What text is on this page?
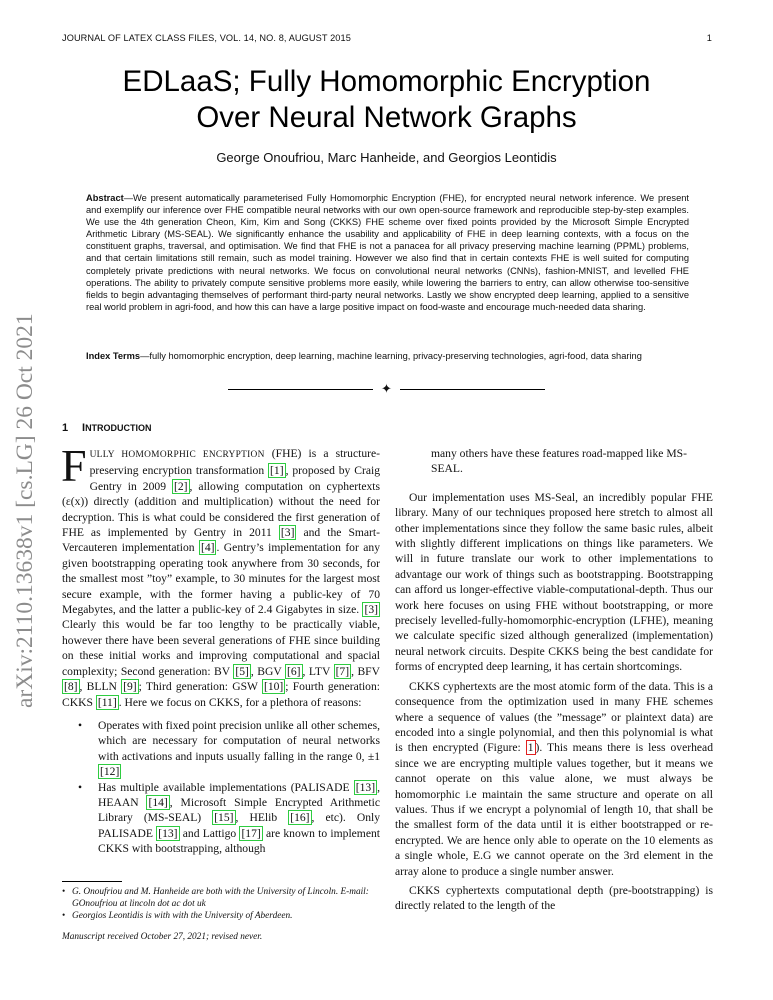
JOURNAL OF LATEX CLASS FILES, VOL. 14, NO. 8, AUGUST 2015	1
arXiv:2110.13638v1 [cs.LG] 26 Oct 2021
EDLaaS; Fully Homomorphic Encryption
Over Neural Network Graphs
George Onoufriou, Marc Hanheide, and Georgios Leontidis
Abstract—We present automatically parameterised Fully Homomorphic Encryption (FHE), for encrypted neural network inference. We present and exemplify our inference over FHE compatible neural networks with our own open-source framework and reproducible step-by-step examples. We use the 4th generation Cheon, Kim, Kim and Song (CKKS) FHE scheme over fixed points provided by the Microsoft Simple Encrypted Arithmetic Library (MS-SEAL). We significantly enhance the usability and applicability of FHE in deep learning contexts, with a focus on the constituent graphs, traversal, and optimisation. We find that FHE is not a panacea for all privacy preserving machine learning (PPML) problems, and that certain limitations still remain, such as model training. However we also find that in certain contexts FHE is well suited for computing completely private predictions with neural networks. We focus on convolutional neural networks (CNNs), fashion-MNIST, and levelled FHE operations. The ability to privately compute sensitive problems more easily, while lowering the barriers to entry, can allow otherwise too-sensitive fields to begin advantaging themselves of performant third-party neural networks. Lastly we show encrypted deep learning, applied to a sensitive real world problem in agri-food, and how this can have a large positive impact on food-waste and encourage much-needed data sharing.
Index Terms—fully homomorphic encryption, deep learning, machine learning, privacy-preserving technologies, agri-food, data sharing
✦
1 INTRODUCTION
FULLY HOMOMORPHIC ENCRYPTION (FHE) is a structure-preserving encryption transformation [1] , proposed by Craig Gentry in 2009 [2] , allowing computation on cyphertexts (ε(x)) directly (addition and multiplication) without the need for decryption. This is what could be considered the first generation of FHE as implemented by Gentry in 2011 [3] and the Smart-Vercauteren implementation [4] . Gentry’s implementation for any given bootstrapping operating took anywhere from 30 seconds, for the smallest most ”toy” example, to 30 minutes for the largest most secure example, with the former having a public-key of 70 Megabytes, and the latter a public-key of 2.4 Gigabytes in size. [3] Clearly this would be far too lengthy to be practically viable, however there have been several generations of FHE since building on these initial works and improving computational and spacial complexity; Second generation: BV [5] , BGV [6] , LTV [7] , BFV [8] , BLLN [9] ; Third generation: GSW [10] ; Fourth generation: CKKS [11] . Here we focus on CKKS, for a plethora of reasons:
• Operates with fixed point precision unlike all other schemes, which are necessary for computation of neural networks with activations and inputs usually falling in the range 0, ±1 [12]
• Has multiple available implementations (PALISADE [13] , HEAAN [14] , Microsoft Simple Encrypted Arithmetic Library (MS-SEAL) [15] , HElib [16] , etc). Only PALISADE [13] and Lattigo [17] are known to implement CKKS with bootstrapping, although
• G. Onoufriou and M. Hanheide are both with the University of Lincoln. E-mail: GOnoufriou at lincoln dot ac dot uk
• Georgios Leontidis is with with the University of Aberdeen.
Manuscript received October 27, 2021; revised never.
many others have these features road-mapped like MS-SEAL.
Our implementation uses MS-Seal, an incredibly popular FHE library. Many of our techniques proposed here stretch to almost all other implementations since they follow the same basic rules, albeit with slightly different implications on things like parameters. We will in future translate our work to other implementations to advantage our work of things such as bootstrapping. Bootstrapping can afford us longer-effective viable-computational-depth. Thus our work here focuses on using FHE without bootstrapping, or more precisely levelled-fully-homomorphic-encryption (LFHE), meaning we calculate specific sized although generalized (implementation) neural network circuits. Despite CKKS being the best candidate for forms of encrypted deep learning, it has certain shortcomings.
CKKS cyphertexts are the most atomic form of the data. This is a consequence from the optimization used in many FHE schemes where a sequence of values (the ”message” or plaintext data) are encoded into a single polynomial, and then this polynomial is what is then encrypted (Figure: 1 ). This means there is less overhead since we are encrypting multiple values together, but it means we cannot operate on this value alone, we must always be homomorphic i.e maintain the same structure and operate on all values. Thus if we encrypt a polynomial of length 10, that shall be the smallest form of the data until it is either bootstrapped or re-encrypted. We are hence only able to operate on the 10 elements as a single whole, E.G we cannot operate on the 3rd element in the array alone to produce a single number answer.
CKKS cyphertexts computational depth (pre-bootstrapping) is directly related to the length of the
